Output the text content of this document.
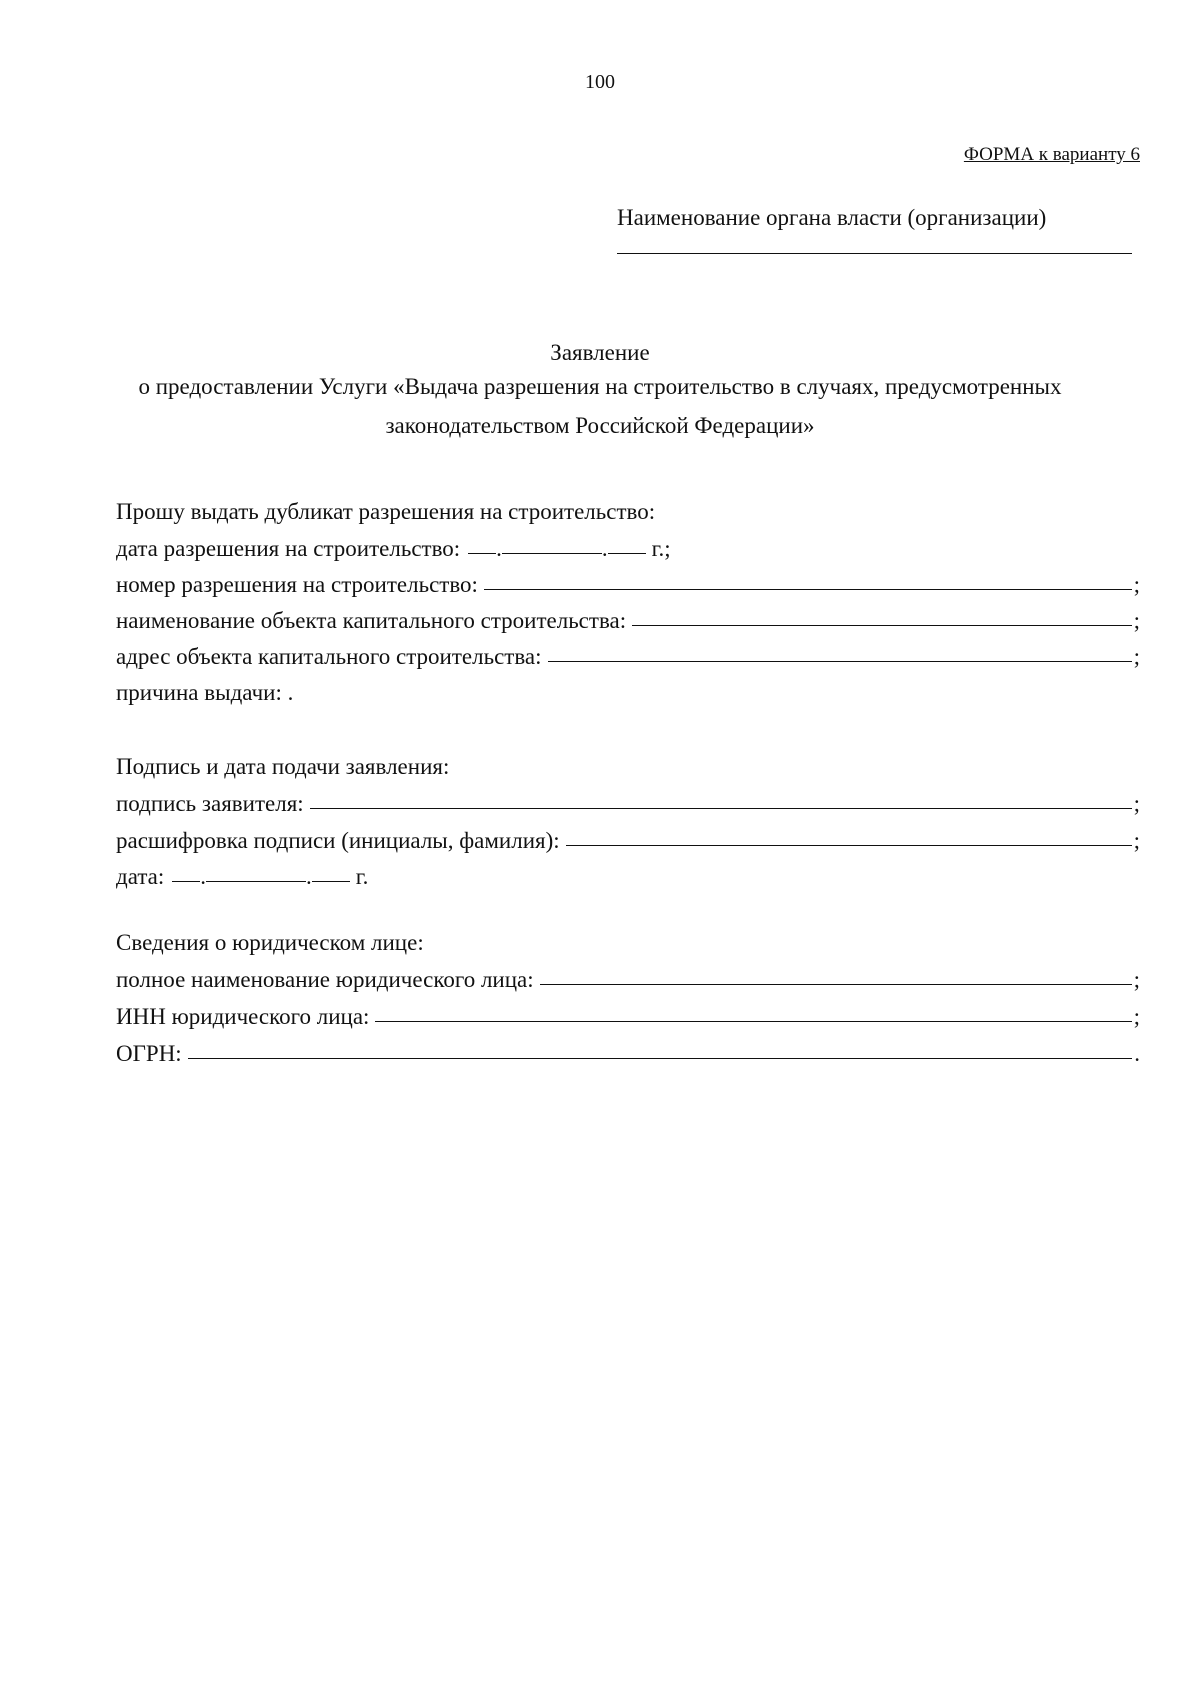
100
ФОРМА к варианту 6
Наименование органа власти (организации)
Заявление
о предоставлении Услуги «Выдача разрешения на строительство в случаях, предусмотренных
законодательством Российской Федерации»
Прошу выдать дубликат разрешения на строительство:
дата разрешения на строительство: .	. г.;
номер разрешения на строительство:	;
наименование объекта капитального строительства:	;
адрес объекта капитального строительства:	;
причина выдачи: .
Подпись и дата подачи заявления:
подпись заявителя:	;
расшифровка подписи (инициалы, фамилия):	;
дата: .	. г.
Сведения о юридическом лице:
полное наименование юридического лица:	;
ИНН юридического лица:	;
ОГРН:	.
